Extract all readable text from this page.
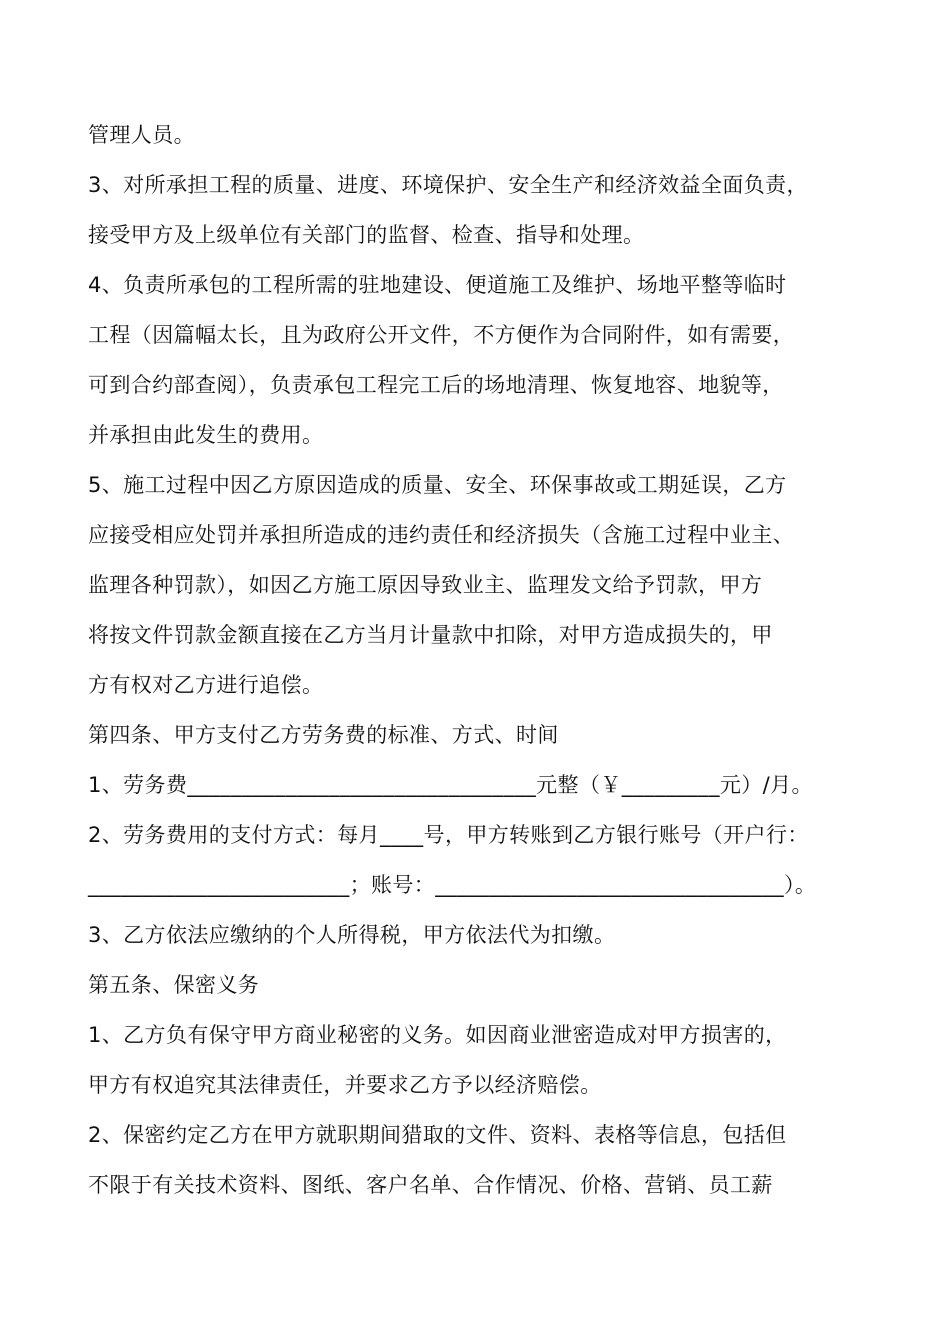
管理人员。
3、对所承担工程的质量、进度、环境保护、安全生产和经济效益全面负责，
接受甲方及上级单位有关部门的监督、检查、指导和处理。
4、负责所承包的工程所需的驻地建设、便道施工及维护、场地平整等临时
工程（因篇幅太长，且为政府公开文件，不方便作为合同附件，如有需要，
可到合约部查阅），负责承包工程完工后的场地清理、恢复地容、地貌等，
并承担由此发生的费用。
5、施工过程中因乙方原因造成的质量、安全、环保事故或工期延误，乙方
应接受相应处罚并承担所造成的违约责任和经济损失（含施工过程中业主、
监理各种罚款），如因乙方施工原因导致业主、监理发文给予罚款，甲方
将按文件罚款金额直接在乙方当月计量款中扣除，对甲方造成损失的，甲
方有权对乙方进行追偿。
第四条、甲方支付乙方劳务费的标准、方式、时间
1、劳务费________________________________元整（￥_________元）/月。
2、劳务费用的支付方式：每月____号，甲方转账到乙方银行账号（开户行：
________________________；账号：________________________________）。
3、乙方依法应缴纳的个人所得税，甲方依法代为扣缴。
第五条、保密义务
1、乙方负有保守甲方商业秘密的义务。如因商业泄密造成对甲方损害的，
甲方有权追究其法律责任，并要求乙方予以经济赔偿。
2、保密约定乙方在甲方就职期间猎取的文件、资料、表格等信息，包括但
不限于有关技术资料、图纸、客户名单、合作情况、价格、营销、员工薪
